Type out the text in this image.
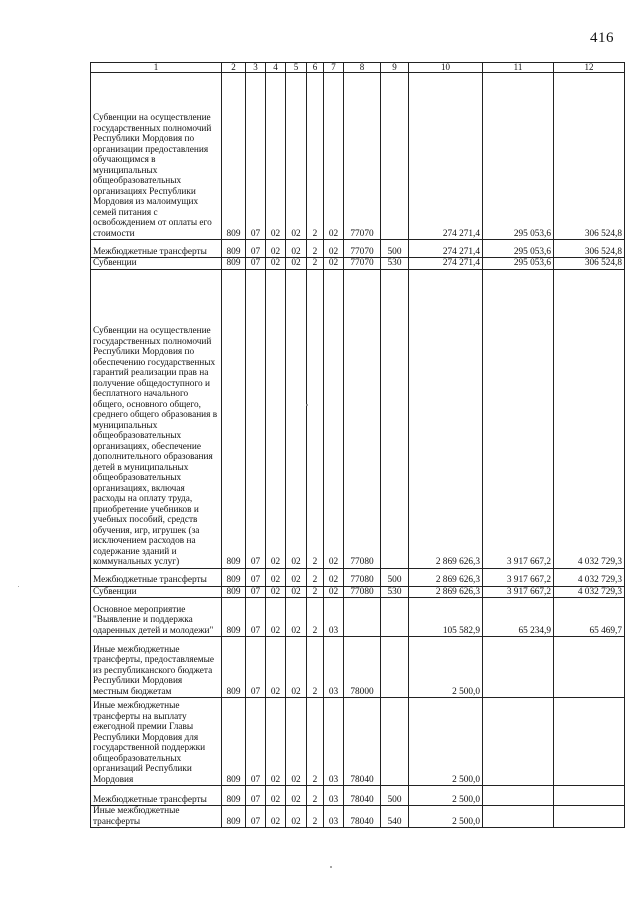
416
1	2	3	4	5	6	7	8	9	10	11	12
Субвенции на осуществление государственных полномочий Республики Мордовия по организации предоставления обучающимся в муниципальных общеобразовательных организациях Республики Мордовия из малоимущих семей питания с освобождением от оплаты его стоимости	809	07	02	02	2	02	77070		274 271,4	295 053,6	306 524,8
Межбюджетные трансферты	809	07	02	02	2	02	77070	500	274 271,4	295 053,6	306 524,8
Субвенции	809	07	02	02	2	02	77070	530	274 271,4	295 053,6	306 524,8
Субвенции на осуществление государственных полномочий Республики Мордовия по обеспечению государственных гарантий реализации прав на получение общедоступного и бесплатного начального общего, основного общего, среднего общего образования в муниципальных общеобразовательных организациях, обеспечение дополнительного образования детей в муниципальных общеобразовательных организациях, включая расходы на оплату труда, приобретение учебников и учебных пособий, средств обучения, игр, игрушек (за исключением расходов на содержание зданий и коммунальных услуг)	809	07	02	02	2	02	77080		2 869 626,3	3 917 667,2	4 032 729,3
Межбюджетные трансферты	809	07	02	02	2	02	77080	500	2 869 626,3	3 917 667,2	4 032 729,3
Субвенции	809	07	02	02	2	02	77080	530	2 869 626,3	3 917 667,2	4 032 729,3
Основное мероприятие "Выявление и поддержка одаренных детей и молодежи"	809	07	02	02	2	03			105 582,9	65 234,9	65 469,7
Иные межбюджетные трансферты, предоставляемые из республиканского бюджета Республики Мордовия местным бюджетам	809	07	02	02	2	03	78000		2 500,0		
Иные межбюджетные трансферты на выплату ежегодной премии Главы Республики Мордовия для государственной поддержки общеобразовательных организаций Республики Мордовия	809	07	02	02	2	03	78040		2 500,0		
Межбюджетные трансферты	809	07	02	02	2	03	78040	500	2 500,0		
Иные межбюджетные трансферты	809	07	02	02	2	03	78040	540	2 500,0		
